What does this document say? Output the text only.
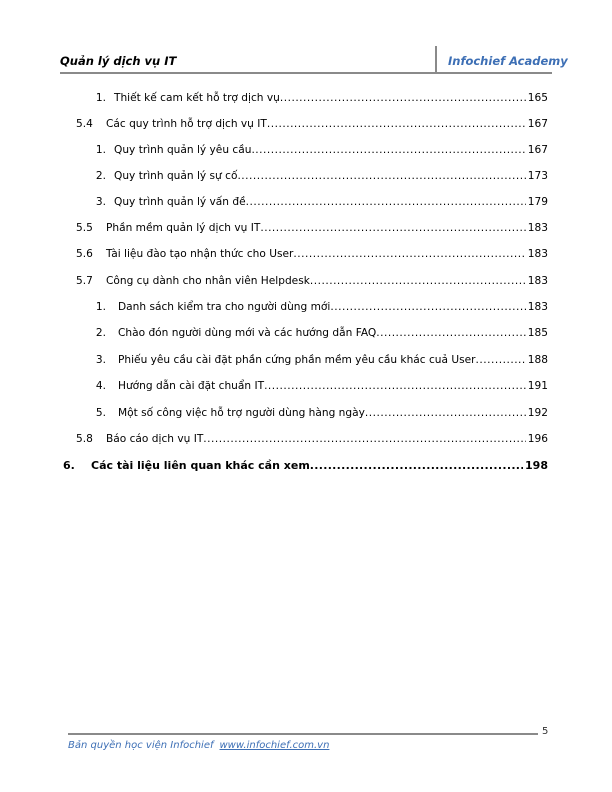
Quản lý dịch vụ IT	Infochief Academy
1. Thiết kế cam kết hỗ trợ dịch vụ .....	165
5.4	Các quy trình hỗ trợ dịch vụ IT .....	167
1. Quy trình quản lý yêu cầu .....	167
2. Quy trình quản lý sự cố .....	173
3. Quy trình quản lý vấn đề .....	179
5.5	Phần mềm quản lý dịch vụ IT .....	183
5.6	Tài liệu đào tạo nhận thức cho User .....	183
5.7	Công cụ dành cho nhân viên Helpdesk .....	183
1. Danh sách kiểm tra cho người dùng mới .....	183
2. Chào đón người dùng mới và các hướng dẫn FAQ .....	185
3. Phiếu yêu cầu cài đặt phần cứng phần mềm yêu cầu khác cuả User .....	188
4. Hướng dẫn cài đặt chuẩn IT .....	191
5. Một số công việc hỗ trợ người dùng hàng ngày .....	192
5.8	Báo cáo dịch vụ IT .....	196
6.	Các tài liệu liên quan khác cần xem .....	198
5
Bản quyền học viện Infochief www.infochief.com.vn
